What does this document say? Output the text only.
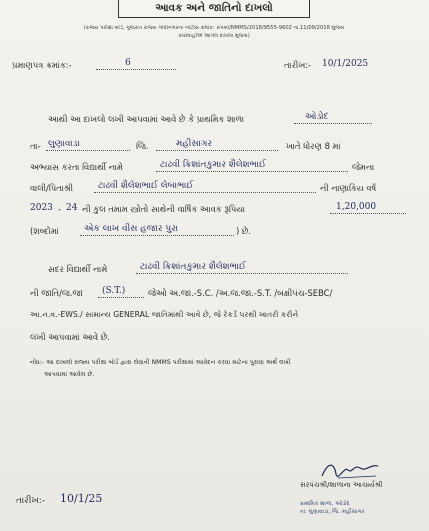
આવક અને જાતિનો દાખલો
(રાજ્ય પરીક્ષા બોર્ડ, ગુજરાત રાજ્ય ગાંધીનગરના નોટીસ ક્રમાંક: રાપબો/NMMS/2018/9555-9602 તા.11/09/2018 મુજબ
કાર્યવાહીએ આપેલ દાખલા મુજબ)
પ્રમાણપત્ર ક્રમાંક:-	6	તારીખ:- 10/1/2025
આથી આ દાખલો લખી આપવામાં આવે છે કે પ્રાથમિક શાળા	ઓડોદ
તા- લુણાવાડા	જિ.	મહીસાગર	ખાતે ધોરણ 8 માં
અભ્યાસ કરતા વિદ્યાર્થી નામે	ટાઢવી ક્રિશાંતકુમાર શૈલેશભાઈ	જેમના
વાલી/પિતાશ્રી	ટાઢવી શૈલેશભાઈ લેબાભાઈ	ની નાણાકિય વર્ષ
2023 - 24 ની કુલ તમામ સ્ત્રોતો સાથેની વાર્ષિક આવક રૂપિયા	1,20,000
(શબ્દોમાં	એક લાખ વીસ હજાર પુરા	) છે.
સદર વિદ્યાર્થી નામે	ટાઢવી ક્રિશાંતકુમાર શૈલેશભાઈ
ની જાતિ/જ.જા (S.T.)	જેઓ અ.જા.-S.C. /અ.જ.જા.-S.T. /બક્ષીપંચ-SEBC/
આ.ન.વ.-EWS./ સામાન્ય GENERAL જાતિમાંથી આવે છે, જે રેકર્ડ પરથી ખાતરી કરીને
લખી આપવામાં આવે છે.
નોંધ:- આ દાખલો રાજ્ય પરીક્ષા બોર્ડ દ્વારા લેવાતી NMMS પરીક્ષામાં આવેદન કરવા માટેના પુરાવા અર્થે લખી
આપવામાં આવેલ છે.
તારીખ:- 10/1/25
સરપંચશ્રી/શાળાના આચાર્યશ્રી
પ્રાથમિક શાળા, ઓડોદ
તા. લુણાવાડા, જિ. મહીસાગર
